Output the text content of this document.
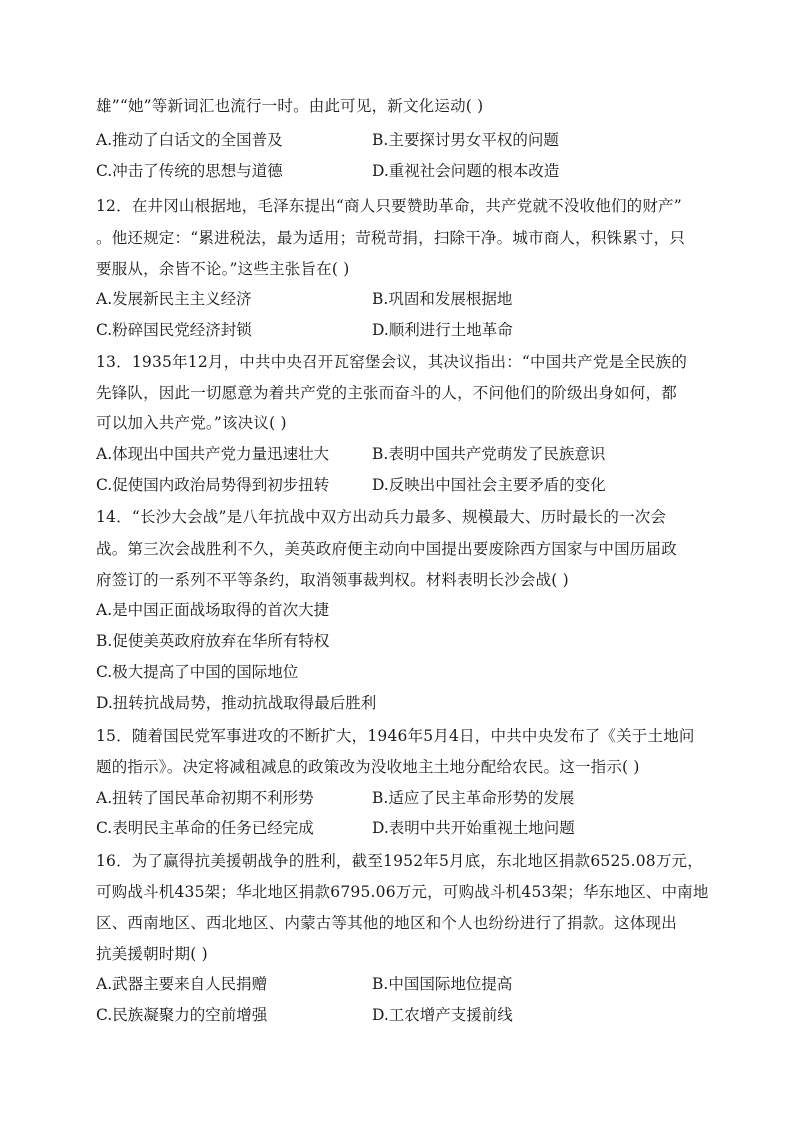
雄”“她”等新词汇也流行一时。由此可见，新文化运动( )
A.推动了白话文的全国普及	B.主要探讨男女平权的问题
C.冲击了传统的思想与道德	D.重视社会问题的根本改造
12．在井冈山根据地，毛泽东提出“商人只要赞助革命，共产党就不没收他们的财产”
。他还规定：“累进税法，最为适用；苛税苛捐，扫除干净。城市商人，积铢累寸，只
要服从，余皆不论。”这些主张旨在( )
A.发展新民主主义经济	B.巩固和发展根据地
C.粉碎国民党经济封锁	D.顺利进行土地革命
13．1935年12月，中共中央召开瓦窑堡会议，其决议指出：“中国共产党是全民族的
先锋队，因此一切愿意为着共产党的主张而奋斗的人，不问他们的阶级出身如何，都
可以加入共产党。”该决议( )
A.体现出中国共产党力量迅速壮大	B.表明中国共产党萌发了民族意识
C.促使国内政治局势得到初步扭转	D.反映出中国社会主要矛盾的变化
14．“长沙大会战”是八年抗战中双方出动兵力最多、规模最大、历时最长的一次会
战。第三次会战胜利不久，美英政府便主动向中国提出要废除西方国家与中国历届政
府签订的一系列不平等条约，取消领事裁判权。材料表明长沙会战( )
A.是中国正面战场取得的首次大捷
B.促使美英政府放弃在华所有特权
C.极大提高了中国的国际地位
D.扭转抗战局势，推动抗战取得最后胜利
15．随着国民党军事进攻的不断扩大，1946年5月4日，中共中央发布了《关于土地问
题的指示》。决定将减租减息的政策改为没收地主土地分配给农民。这一指示( )
A.扭转了国民革命初期不利形势	B.适应了民主革命形势的发展
C.表明民主革命的任务已经完成	D.表明中共开始重视土地问题
16．为了赢得抗美援朝战争的胜利，截至1952年5月底，东北地区捐款6525.08万元，
可购战斗机435架；华北地区捐款6795.06万元，可购战斗机453架；华东地区、中南地
区、西南地区、西北地区、内蒙古等其他的地区和个人也纷纷进行了捐款。这体现出
抗美援朝时期( )
A.武器主要来自人民捐赠	B.中国国际地位提高
C.民族凝聚力的空前增强	D.工农增产支援前线
